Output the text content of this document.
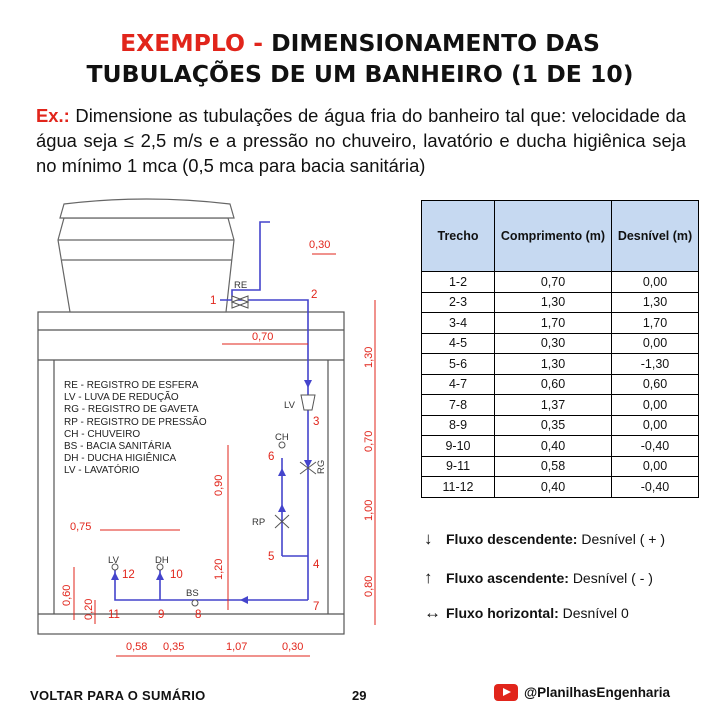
EXEMPLO - DIMENSIONAMENTO DAS
TUBULAÇÕES DE UM BANHEIRO (1 DE 10)
Ex.: Dimensione as tubulações de água fria do banheiro tal que: velocidade da água seja ≤ 2,5 m/s e a pressão no chuveiro, lavatório e ducha higiênica seja no mínimo 1 mca (0,5 mca para bacia sanitária)
1	2
3
4
5
6
7
8
9
10
11
12
RE
LV
RG
RP
CH
DH
LV
BS
0,30
0,70
1,30
0,70
1,00
0,80
0,90
1,20
0,75
0,60
0,20
0,58 0,35	1,07	0,30
RE - REGISTRO DE ESFERA
LV - LUVA DE REDUÇÃO
RG - REGISTRO DE GAVETA
RP - REGISTRO DE PRESSÃO
CH - CHUVEIRO
BS - BACIA SANITÁRIA
DH - DUCHA HIGIÊNICA
LV - LAVATÓRIO
Trecho	Comprimento (m)	Desnível (m)
1-2	0,70	0,00
2-3	1,30	1,30
3-4	1,70	1,70
4-5	0,30	0,00
5-6	1,30	-1,30
4-7	0,60	0,60
7-8	1,37	0,00
8-9	0,35	0,00
9-10	0,40	-0,40
9-11	0,58	0,00
11-12	0,40	-0,40
↓ Fluxo descendente: Desnível ( + )
↑ Fluxo ascendente: Desnível ( - )
↔ Fluxo horizontal: Desnível 0
VOLTAR PARA O SUMÁRIO	29	@PlanilhasEngenharia
